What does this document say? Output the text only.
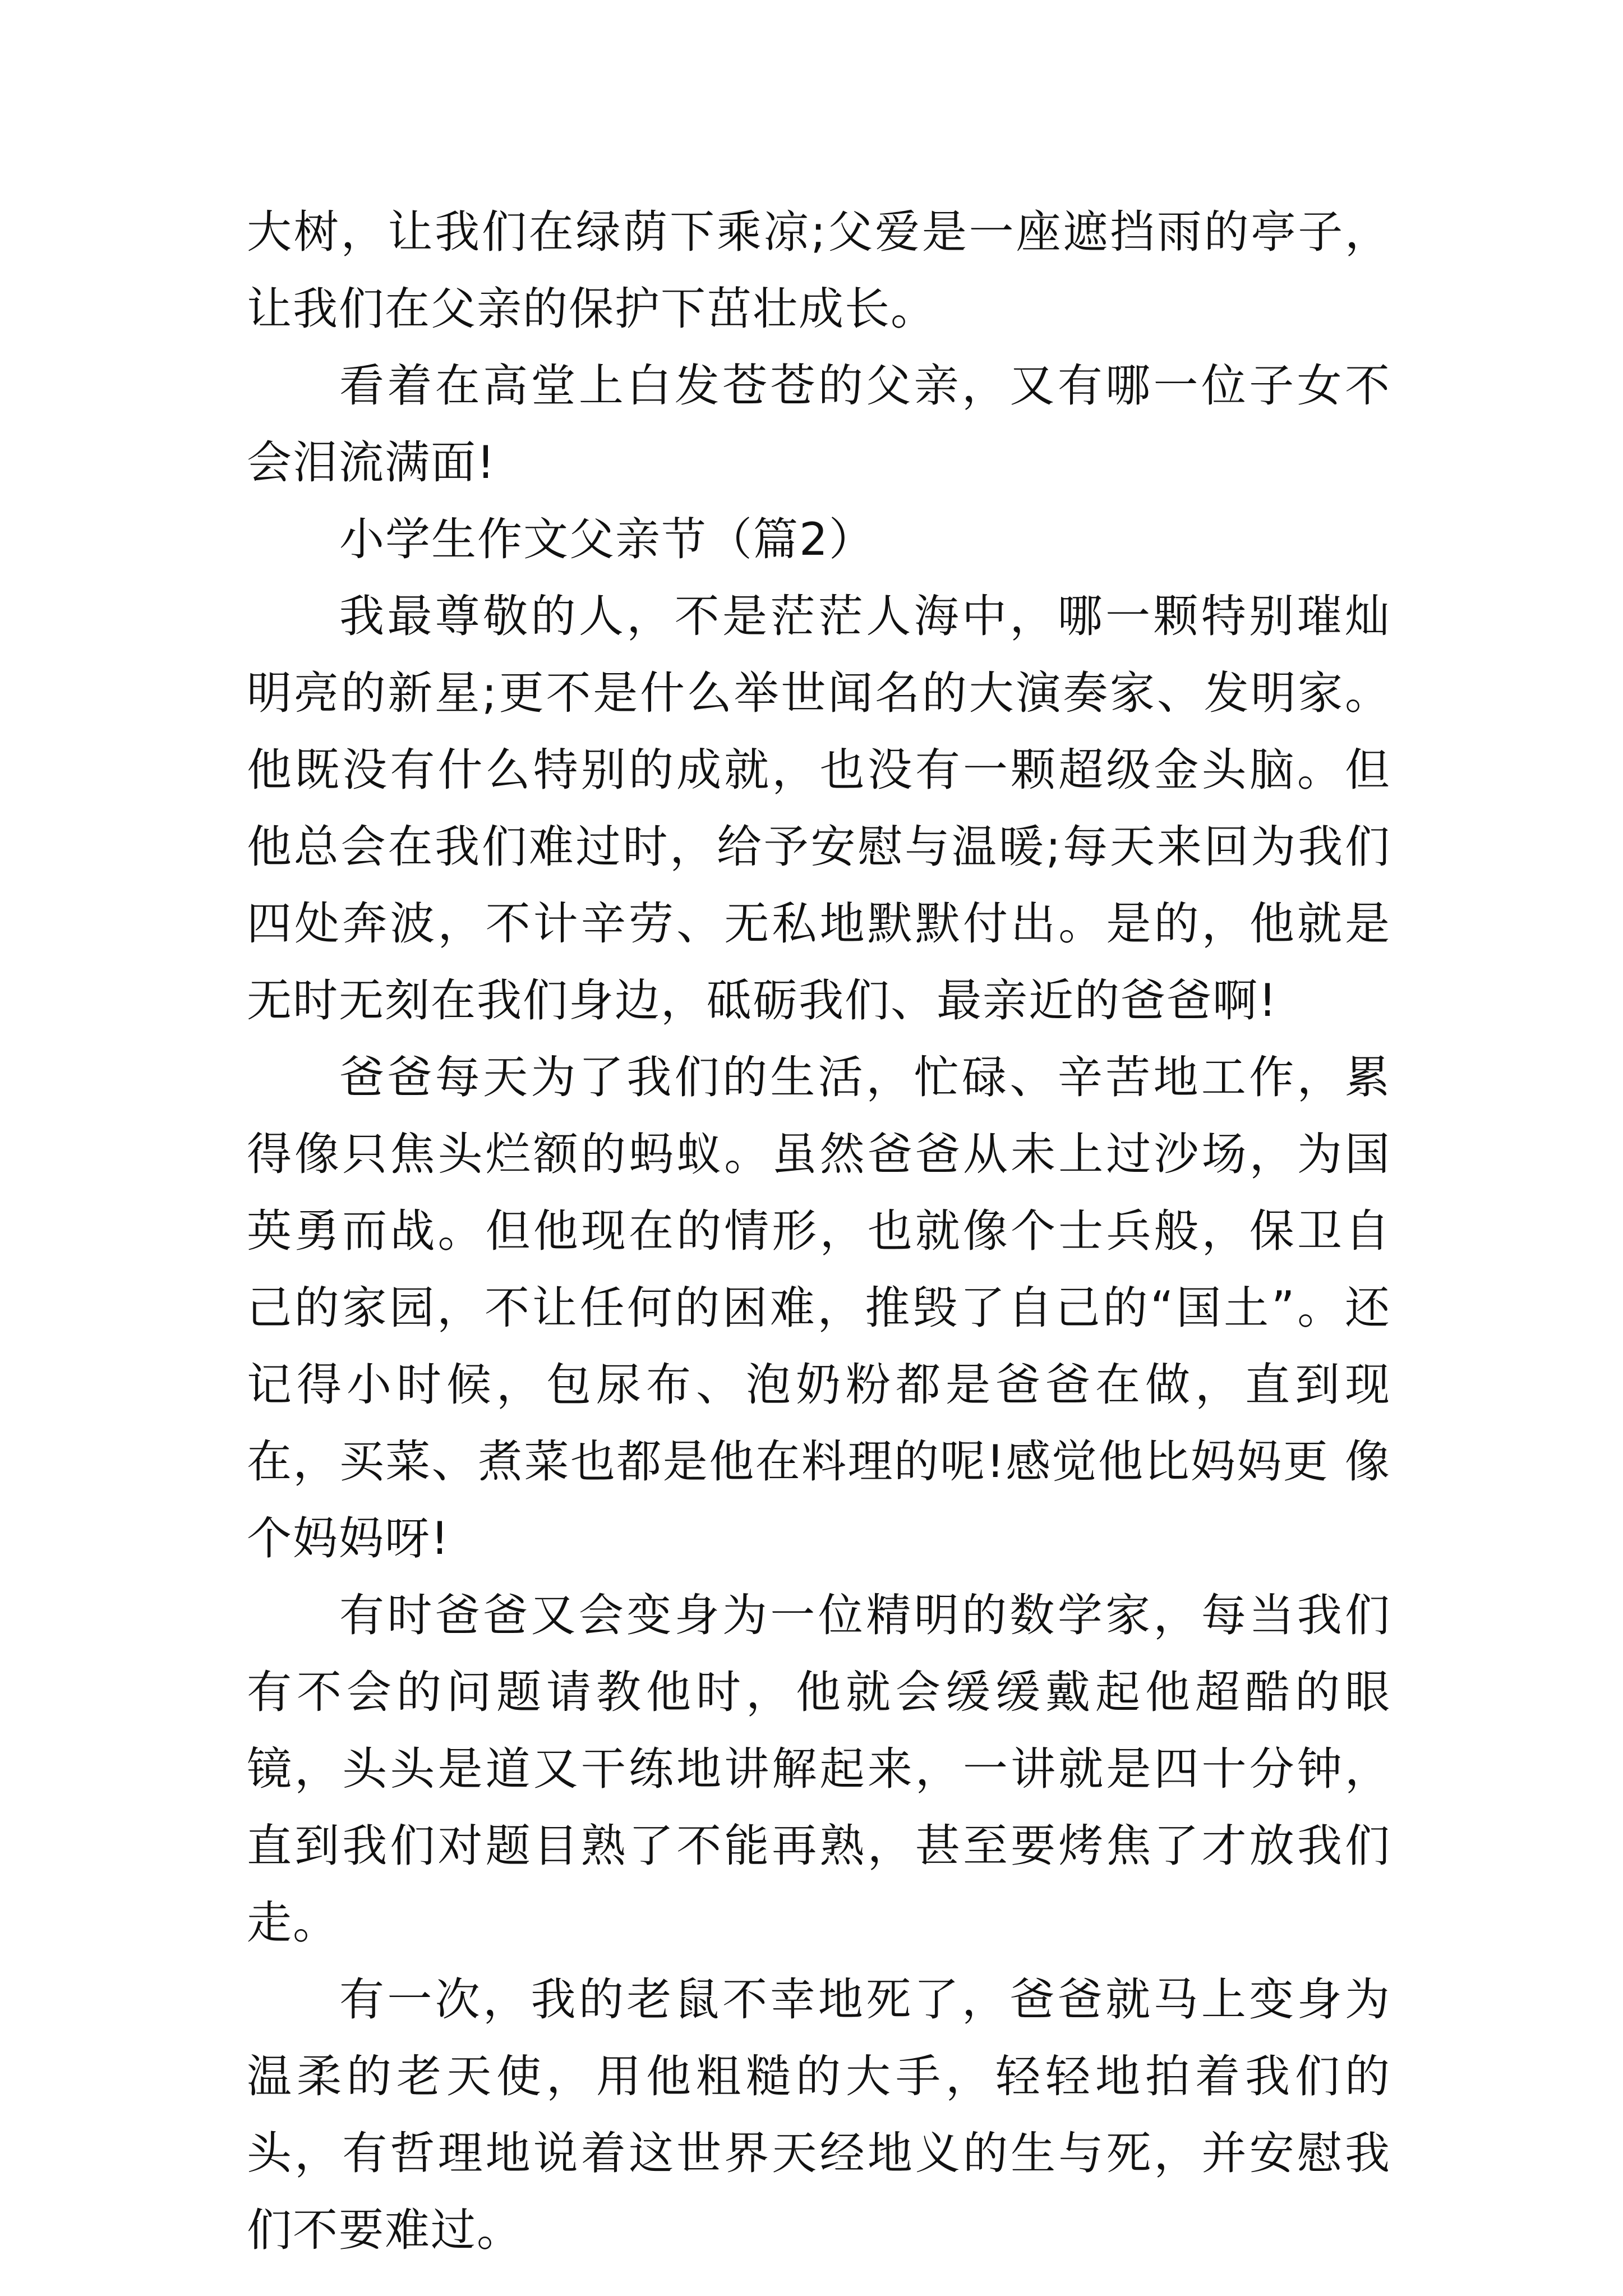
大树，让我们在绿荫下乘凉;父爱是一座遮挡雨的亭子，让我们在父亲的保护下茁壮成长。

看着在高堂上白发苍苍的父亲，又有哪一位子女不会泪流满面!

小学生作文父亲节（篇2）

我最尊敬的人，不是茫茫人海中，哪一颗特别璀灿明亮的新星;更不是什么举世闻名的大演奏家、发明家。他既没有什么特别的成就，也没有一颗超级金头脑。但他总会在我们难过时，给予安慰与温暖;每天来回为我们四处奔波，不计辛劳、无私地默默付出。是的，他就是无时无刻在我们身边，砥砺我们、最亲近的爸爸啊!

爸爸每天为了我们的生活，忙碌、辛苦地工作，累得像只焦头烂额的蚂蚁。虽然爸爸从未上过沙场，为国英勇而战。但他现在的情形，也就像个士兵般，保卫自己的家园，不让任何的困难，推毁了自己的“国土”。还记得小时候，包尿布、泡奶粉都是爸爸在做，直到现在，买菜、煮菜也都是他在料理的呢!感觉他比妈妈更 像个妈妈呀!

有时爸爸又会变身为一位精明的数学家，每当我们有不会的问题请教他时，他就会缓缓戴起他超酷的眼镜，头头是道又干练地讲解起来，一讲就是四十分钟，直到我们对题目熟了不能再熟，甚至要烤焦了才放我们走。

有一次，我的老鼠不幸地死了，爸爸就马上变身为温柔的老天使，用他粗糙的大手，轻轻地拍着我们的头，有哲理地说着这世界天经地义的生与死，并安慰我们不要难过。
